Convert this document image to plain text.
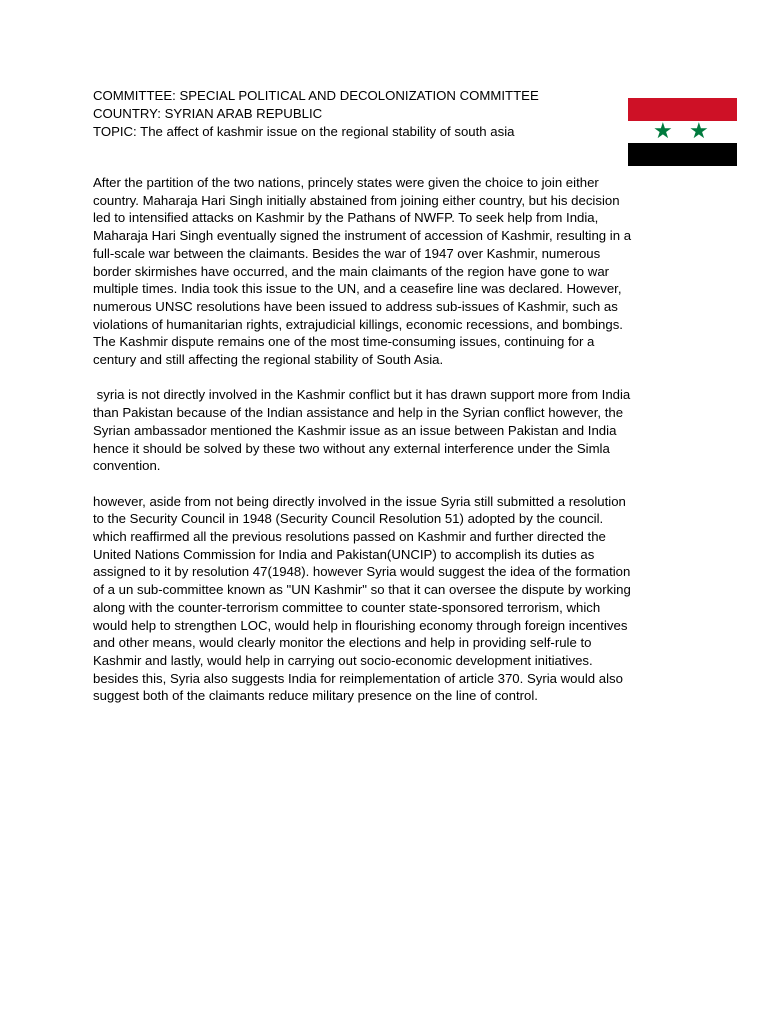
COMMITTEE: SPECIAL POLITICAL AND DECOLONIZATION COMMITTEE
COUNTRY: SYRIAN ARAB REPUBLIC
TOPIC: The affect of kashmir issue on the regional stability of south asia	★ ★

After the partition of the two nations, princely states were given the choice to join either
country. Maharaja Hari Singh initially abstained from joining either country, but his decision
led to intensified attacks on Kashmir by the Pathans of NWFP. To seek help from India,
Maharaja Hari Singh eventually signed the instrument of accession of Kashmir, resulting in a
full-scale war between the claimants. Besides the war of 1947 over Kashmir, numerous
border skirmishes have occurred, and the main claimants of the region have gone to war
multiple times. India took this issue to the UN, and a ceasefire line was declared. However,
numerous UNSC resolutions have been issued to address sub-issues of Kashmir, such as
violations of humanitarian rights, extrajudicial killings, economic recessions, and bombings.
The Kashmir dispute remains one of the most time-consuming issues, continuing for a
century and still affecting the regional stability of South Asia.

syria is not directly involved in the Kashmir conflict but it has drawn support more from India
than Pakistan because of the Indian assistance and help in the Syrian conflict however, the
Syrian ambassador mentioned the Kashmir issue as an issue between Pakistan and India
hence it should be solved by these two without any external interference under the Simla
convention.

however, aside from not being directly involved in the issue Syria still submitted a resolution
to the Security Council in 1948 (Security Council Resolution 51) adopted by the council.
which reaffirmed all the previous resolutions passed on Kashmir and further directed the
United Nations Commission for India and Pakistan(UNCIP) to accomplish its duties as
assigned to it by resolution 47(1948). however Syria would suggest the idea of the formation
of a un sub-committee known as "UN Kashmir" so that it can oversee the dispute by working
along with the counter-terrorism committee to counter state-sponsored terrorism, which
would help to strengthen LOC, would help in flourishing economy through foreign incentives
and other means, would clearly monitor the elections and help in providing self-rule to
Kashmir and lastly, would help in carrying out socio-economic development initiatives.
besides this, Syria also suggests India for reimplementation of article 370. Syria would also
suggest both of the claimants reduce military presence on the line of control.
